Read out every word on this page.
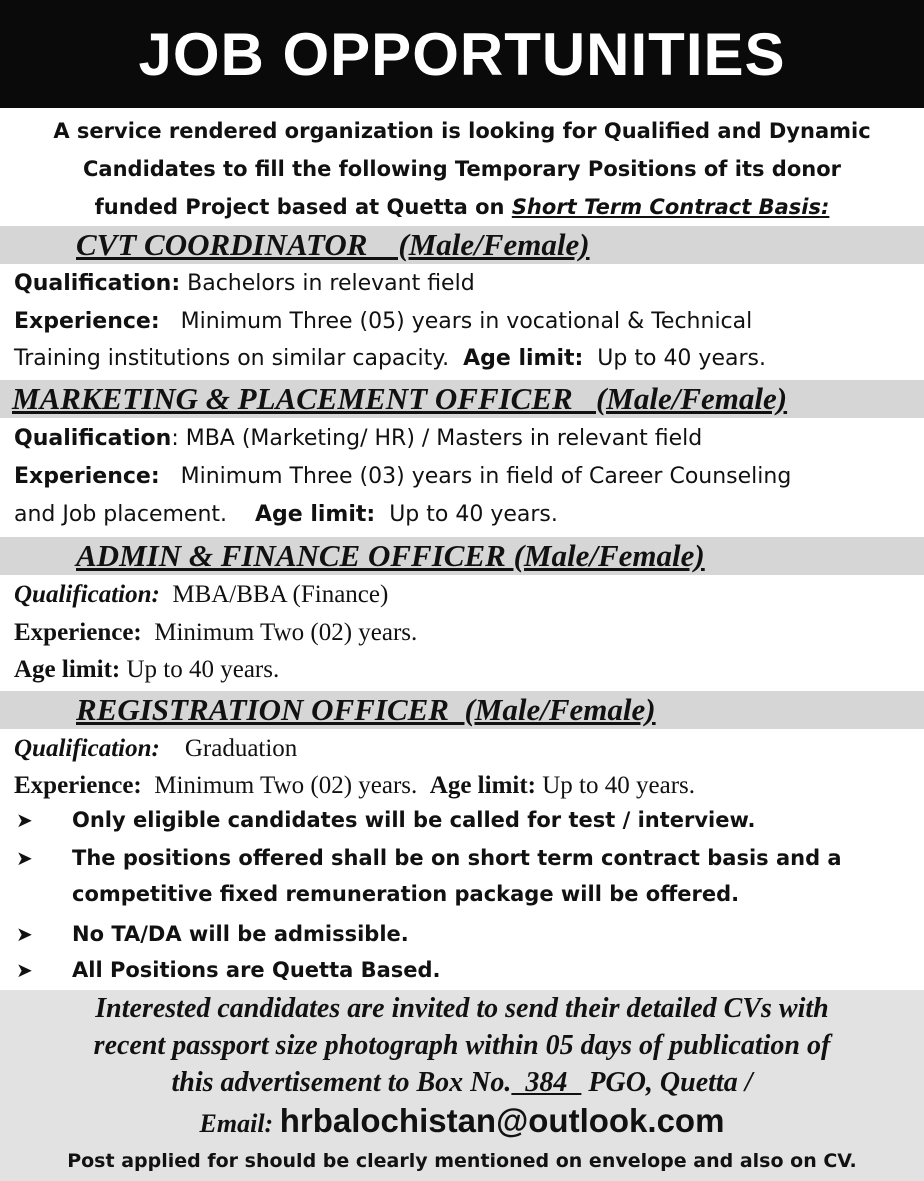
JOB OPPORTUNITIES
A service rendered organization is looking for Qualified and Dynamic
Candidates to fill the following Temporary Positions of its donor
funded Project based at Quetta on Short Term Contract Basis:
CVT COORDINATOR    (Male/Female)
Qualification: Bachelors in relevant field
Experience:   Minimum Three (05) years in vocational & Technical
Training institutions on similar capacity.  Age limit:  Up to 40 years.
MARKETING & PLACEMENT OFFICER   (Male/Female)
Qualification: MBA (Marketing/ HR) / Masters in relevant field
Experience:   Minimum Three (03) years in field of Career Counseling
and Job placement.    Age limit:  Up to 40 years.
ADMIN & FINANCE OFFICER (Male/Female)
Qualification:  MBA/BBA (Finance)
Experience:  Minimum Two (02) years.
Age limit: Up to 40 years.
REGISTRATION OFFICER  (Male/Female)
Qualification:    Graduation
Experience:  Minimum Two (02) years.  Age limit: Up to 40 years.
➤ Only eligible candidates will be called for test / interview.
➤ The positions offered shall be on short term contract basis and a
competitive fixed remuneration package will be offered.
➤ No TA/DA will be admissible.
➤ All Positions are Quetta Based.
Interested candidates are invited to send their detailed CVs with
recent passport size photograph within 05 days of publication of
this advertisement to Box No.  384   PGO, Quetta /
Email: hrbalochistan@outlook.com
Post applied for should be clearly mentioned on envelope and also on CV.
